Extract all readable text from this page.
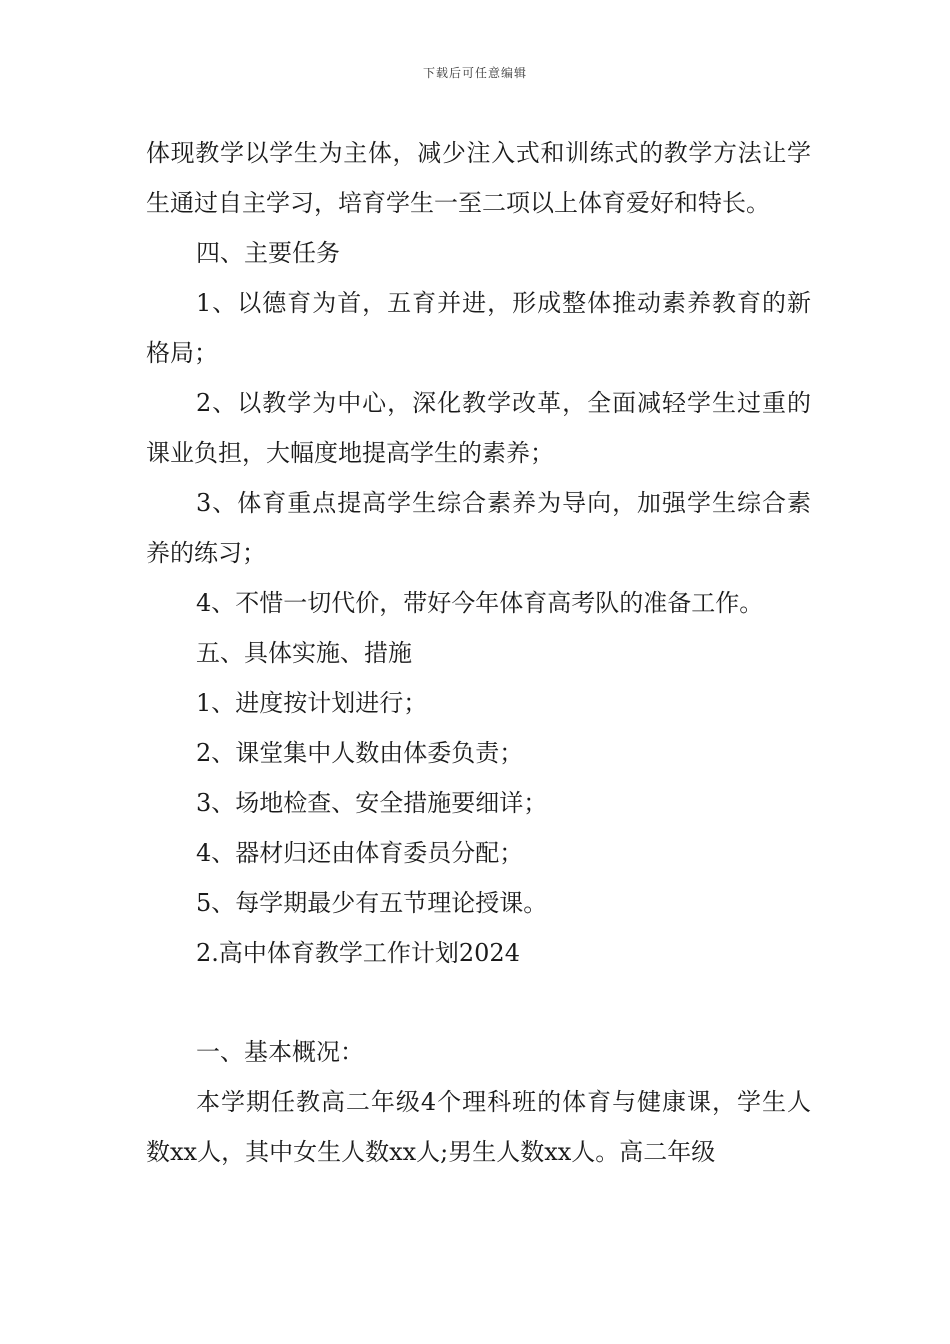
下载后可任意编辑

体现教学以学生为主体，减少注入式和训练式的教学方法让学生通过自主学习，培育学生一至二项以上体育爱好和特长。

四、主要任务

1、以德育为首，五育并进，形成整体推动素养教育的新格局；

2、以教学为中心，深化教学改革，全面减轻学生过重的课业负担，大幅度地提高学生的素养；

3、体育重点提高学生综合素养为导向，加强学生综合素养的练习；

4、不惜一切代价，带好今年体育高考队的准备工作。

五、具体实施、措施

1、进度按计划进行；

2、课堂集中人数由体委负责；

3、场地检查、安全措施要细详；

4、器材归还由体育委员分配；

5、每学期最少有五节理论授课。

2.高中体育教学工作计划2024

一、基本概况：

本学期任教高二年级4个理科班的体育与健康课，学生人数xx人，其中女生人数xx人;男生人数xx人。高二年级
